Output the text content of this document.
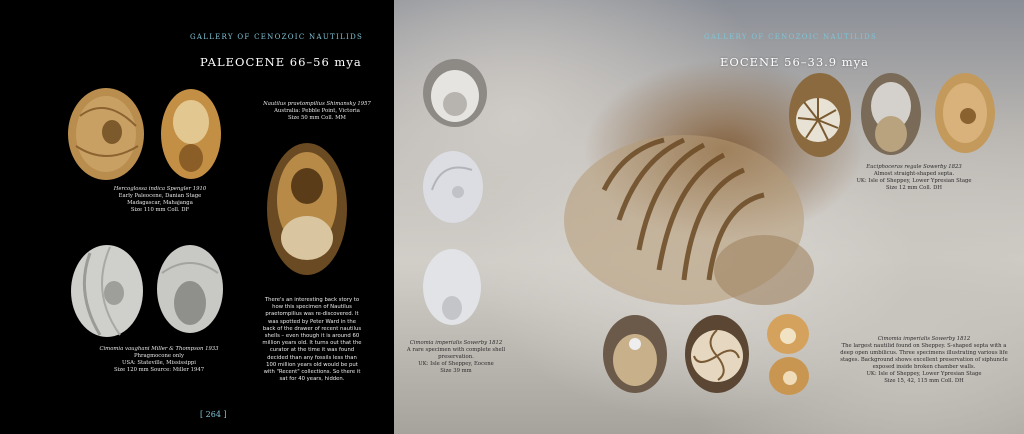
GALLERY OF CENOZOIC NAUTILIDS
PALEOCENE 66–56 mya
Hercoglossa indica Spengler 1910
Early Paleocene, Danian Stage
Madagascar, Mahajanga
Size 110 mm Coll. DF
Nautilus praetompilius Shimansky 1957
Australia: Pebble Point, Victoria
Size 50 mm Coll. MM
Cimomia vaughani Miller & Thompson 1933
Phragmocone only
USA: Stateville, Mississippi
Size 120 mm Source: Miller 1947
There's an interesting back story to how this specimen of Nautilus praetompilius was re-discovered. It was spotted by Peter Ward in the back of the drawer of recent nautilus shells – even though it is around 60 million years old. It turns out that the curator at the time it was found decided than any fossils less than 100 million years old would be put with "Recent" collections. So there it sat for 40 years, hidden.
[ 264 ]
GALLERY OF CENOZOIC NAUTILIDS
EOCENE 56–33.9 mya
Euciphoceras regale Sowerby 1823
Almost straight-shaped septa.
UK: Isle of Sheppey, Lower Ypresian Stage
Size 12 mm Coll. DH
Cimomia imperialis Sowerby 1812
A rare specimen with complete shell
preservation.
UK: Isle of Sheppey, Eocene
Size 39 mm
Cimomia imperialis Sowerby 1812
The largest nautilid found on Sheppey. S-shaped septa with a
deep open umbilicus. Three specimens illustrating various life
stages. Background shows excellent preservation of siphuncle
exposed inside broken chamber walls.
UK: Isle of Sheppey, Lower Ypresian Stage
Size 15, 42, 115 mm Coll. DH
